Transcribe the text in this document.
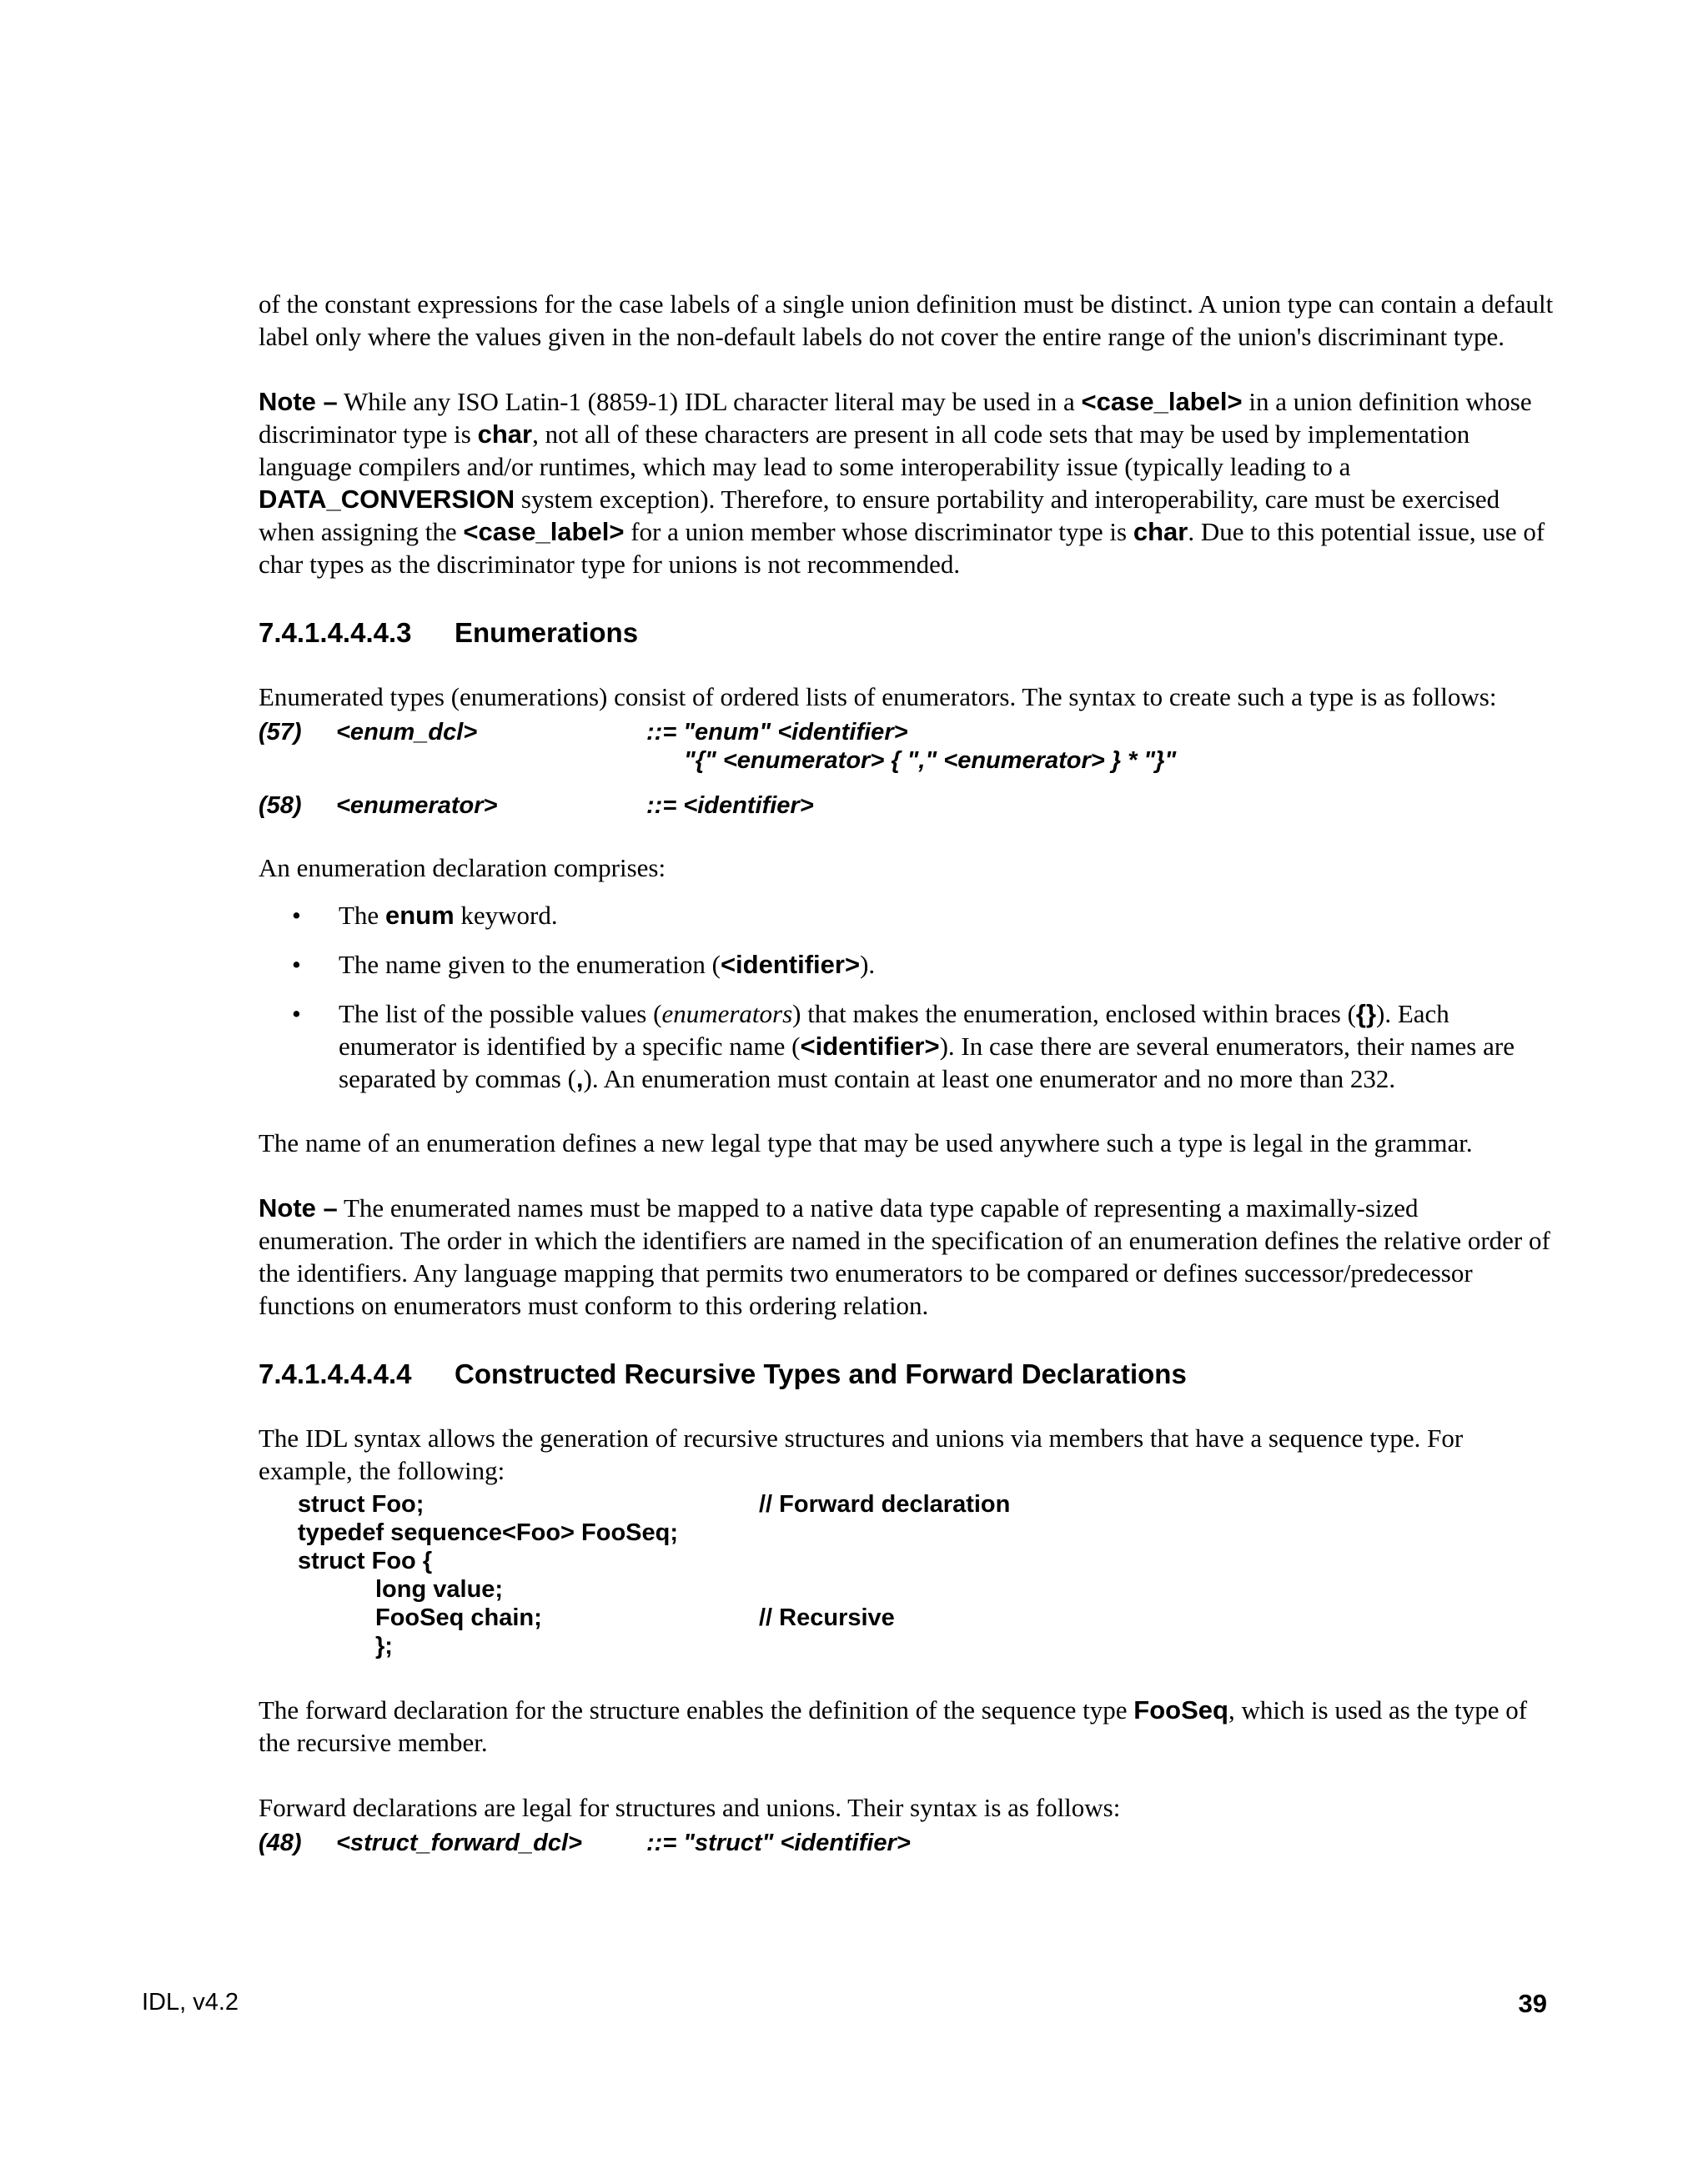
of the constant expressions for the case labels of a single union definition must be distinct. A union type can contain a default label only where the values given in the non-default labels do not cover the entire range of the union's discriminant type.

Note – While any ISO Latin-1 (8859-1) IDL character literal may be used in a <case_label> in a union definition whose discriminator type is char, not all of these characters are present in all code sets that may be used by implementation language compilers and/or runtimes, which may lead to some interoperability issue (typically leading to a DATA_CONVERSION system exception). Therefore, to ensure portability and interoperability, care must be exercised when assigning the <case_label> for a union member whose discriminator type is char. Due to this potential issue, use of char types as the discriminator type for unions is not recommended.

7.4.1.4.4.4.3	Enumerations

Enumerated types (enumerations) consist of ordered lists of enumerators. The syntax to create such a type is as follows:

(57)	<enum_dcl>	::= "enum" <identifier>
"{" <enumerator> { "," <enumerator> } * "}"
(58)	<enumerator>	::= <identifier>

An enumeration declaration comprises:

• The enum keyword.
• The name given to the enumeration (<identifier>).
• The list of the possible values (enumerators) that makes the enumeration, enclosed within braces ({}). Each enumerator is identified by a specific name (<identifier>). In case there are several enumerators, their names are separated by commas (,). An enumeration must contain at least one enumerator and no more than 232.

The name of an enumeration defines a new legal type that may be used anywhere such a type is legal in the grammar.

Note – The enumerated names must be mapped to a native data type capable of representing a maximally-sized enumeration. The order in which the identifiers are named in the specification of an enumeration defines the relative order of the identifiers. Any language mapping that permits two enumerators to be compared or defines successor/predecessor functions on enumerators must conform to this ordering relation.

7.4.1.4.4.4.4	Constructed Recursive Types and Forward Declarations

The IDL syntax allows the generation of recursive structures and unions via members that have a sequence type. For example, the following:

struct Foo;	// Forward declaration
typedef sequence<Foo> FooSeq;
struct Foo {
long value;
FooSeq chain;	// Recursive
};

The forward declaration for the structure enables the definition of the sequence type FooSeq, which is used as the type of the recursive member.

Forward declarations are legal for structures and unions. Their syntax is as follows:

(48)	<struct_forward_dcl>	::= "struct" <identifier>
IDL, v4.2	39
